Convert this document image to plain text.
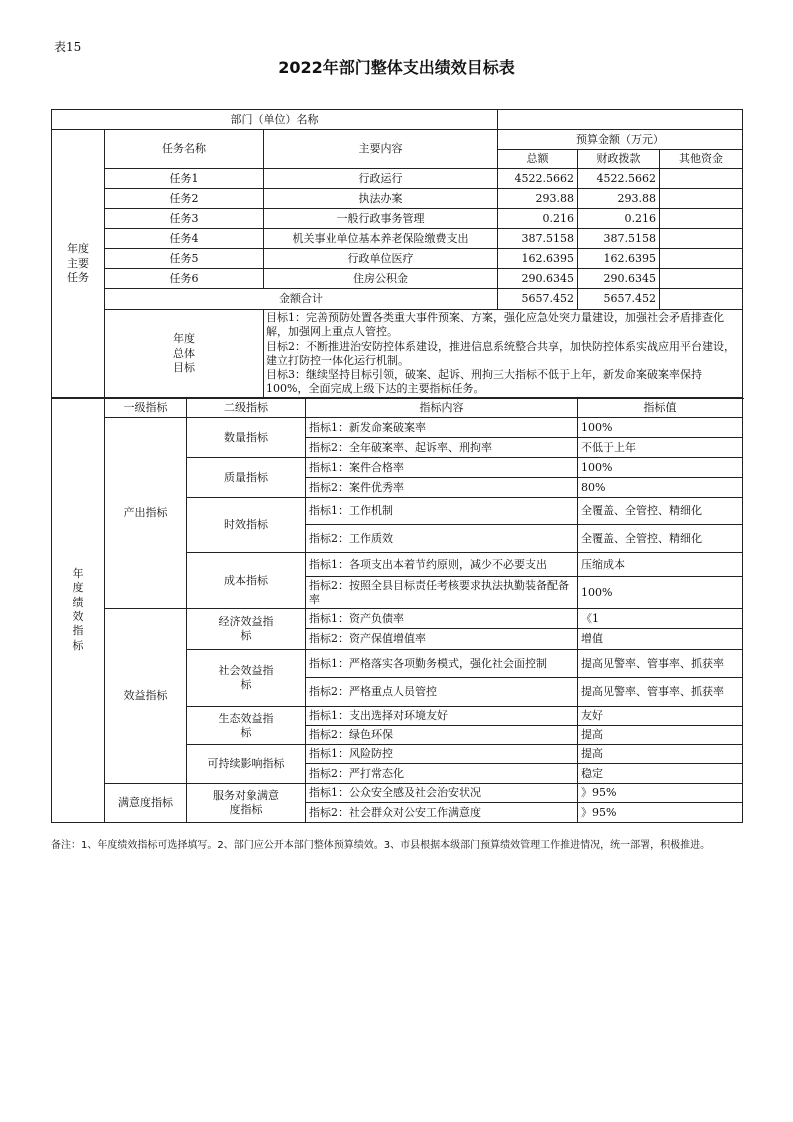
表15
2022年部门整体支出绩效目标表
部门（单位）名称					

年度主要任务	任务名称	主要内容	预算金额（万元）		
			总额	财政拨款	其他资金
	任务1	行政运行	4522.5662	4522.5662	
	任务2	执法办案	293.88	293.88	
	任务3	一般行政事务管理	0.216	0.216	
	任务4	机关事业单位基本养老保险缴费支出	387.5158	387.5158	
	任务5	行政单位医疗	162.6395	162.6395	
	任务6	住房公积金	290.6345	290.6345	
	金额合计		5657.452	5657.452	

	年度总体目标	目标1：完善预防处置各类重大事件预案、方案，强化应急处突力量建设，加强社会矛盾排查化解，加强网上重点人管控。
目标2：不断推进治安防控体系建设，推进信息系统整合共享，加快防控体系实战应用平台建设，建立打防控一体化运行机制。
目标3：继续坚持目标引领，破案、起诉、刑拘三大指标不低于上年，新发命案破案率保持100%，全面完成上级下达的主要指标任务。			
年度绩效指标	一级指标	二级指标	指标内容	指标值
	产出指标	数量指标	指标1：新发命案破案率	100%
			指标2：全年破案率、起诉率、刑拘率	不低于上年
		质量指标	指标1：案件合格率	100%
			指标2：案件优秀率	80%
		时效指标	指标1：工作机制	全覆盖、全管控、精细化
			指标2：工作质效	全覆盖、全管控、精细化
		成本指标	指标1：各项支出本着节约原则，减少不必要支出	压缩成本
			指标2：按照全县目标责任考核要求执法执勤装备配备率	100%
	效益指标	经济效益指标	指标1：资产负债率	《1
			指标2：资产保值增值率	增值

		社会效益指标	指标1：严格落实各项勤务模式，强化社会面控制	提高见警率、管事率、抓获率
			指标2：严格重点人员管控	提高见警率、管事率、抓获率

		生态效益指标	指标1：支出选择对环境友好	友好
			指标2：绿色环保	提高

		可持续影响指标	指标1：风险防控	提高
			指标2：严打常态化	稳定
	满意度指标	服务对象满意度指标	指标1：公众安全感及社会治安状况	》95%
			指标2：社会群众对公安工作满意度	》95%
备注：1、年度绩效指标可选择填写。2、部门应公开本部门整体预算绩效。3、市县根据本级部门预算绩效管理工作推进情况，统一部署，积极推进。
